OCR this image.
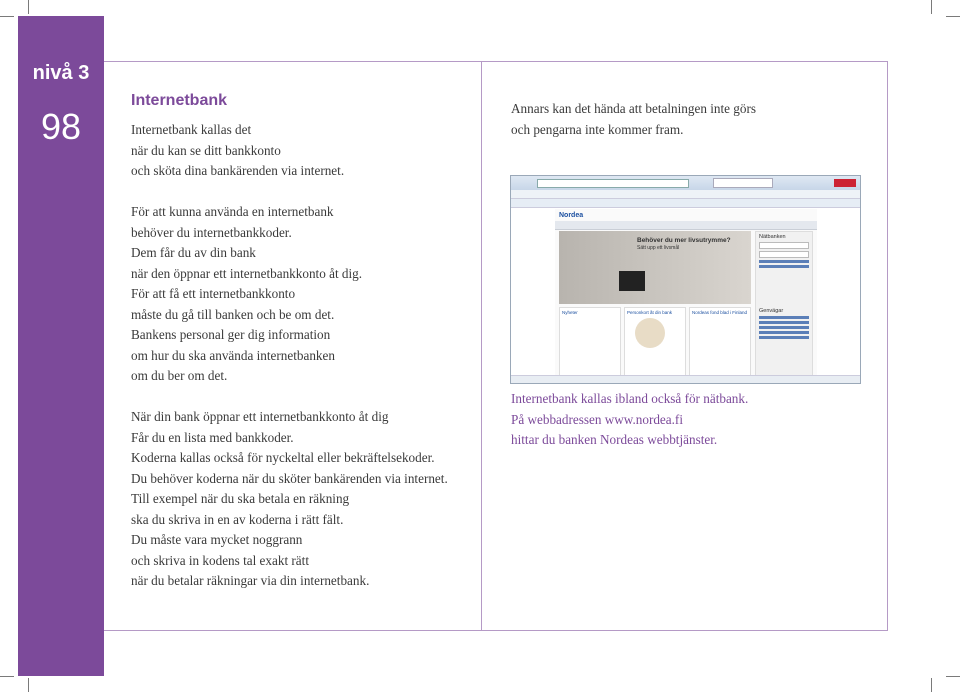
nivå 3
98
Internetbank
Internetbank kallas det
när du kan se ditt bankkonto
och sköta dina bankärenden via internet.
För att kunna använda en internetbank
behöver du internetbankkoder.
Dem får du av din bank
när den öppnar ett internetbankkonto åt dig.
För att få ett internetbankkonto
måste du gå till banken och be om det.
Bankens personal ger dig information
om hur du ska använda internetbanken
om du ber om det.
När din bank öppnar ett internetbankkonto åt dig
Får du en lista med bankkoder.
Koderna kallas också för nyckeltal eller bekräftelsekoder.
Du behöver koderna när du sköter bankärenden via internet.
Till exempel när du ska betala en räkning
ska du skriva in en av koderna i rätt fält.
Du måste vara mycket noggrann
och skriva in kodens tal exakt rätt
när du betalar räkningar via din internetbank.
Annars kan det hända att betalningen inte görs
och pengarna inte kommer fram.
Nordea
Behöver du mer livsutrymme?
Sätt upp ett livsmål
Nätbanken
Genvägar
Nyheter	Personkort åt din bank	Nordeas fond blad i Finland
Internetbank kallas ibland också för nätbank.
På webbadressen www.nordea.fi
hittar du banken Nordeas webbtjänster.
